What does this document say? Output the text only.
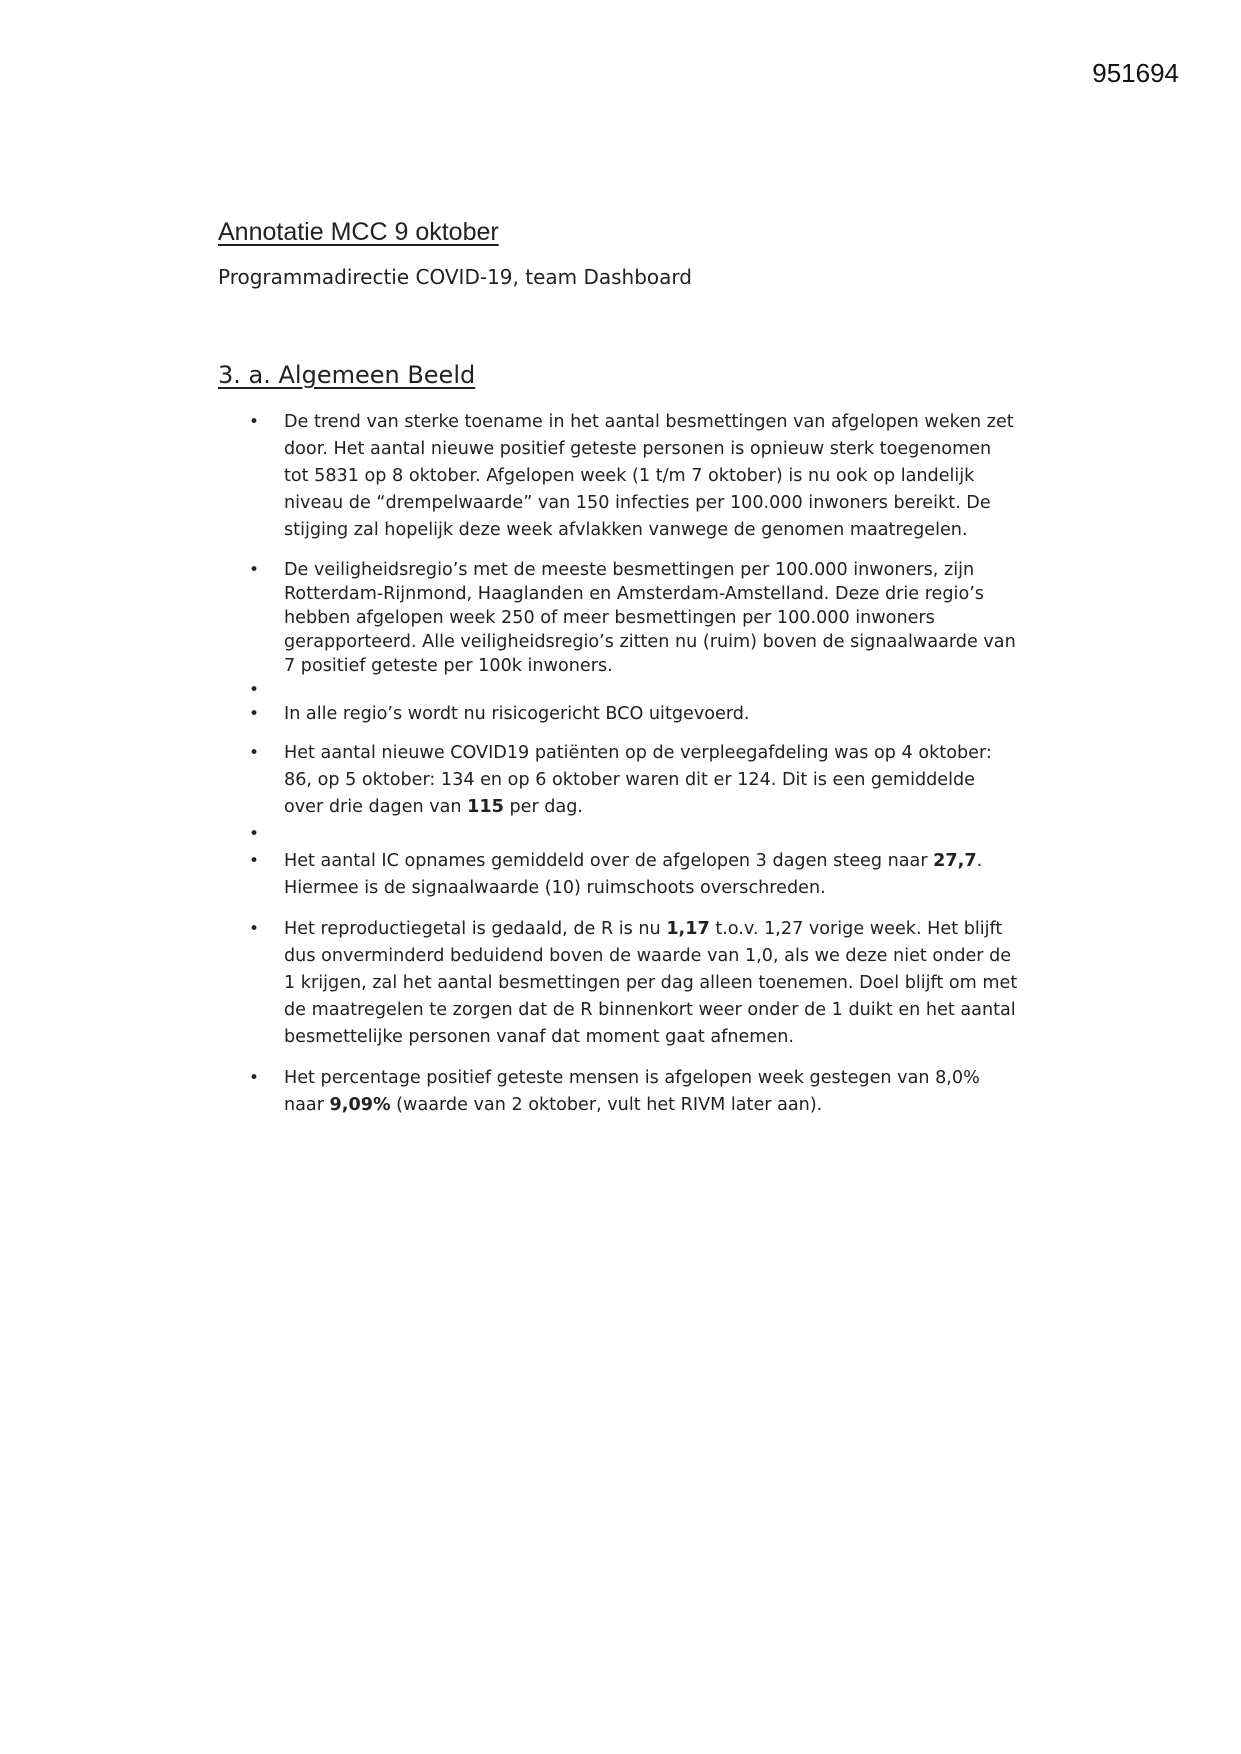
951694
Annotatie MCC 9 oktober
Programmadirectie COVID-19, team Dashboard
3. a. Algemeen Beeld
• De trend van sterke toename in het aantal besmettingen van afgelopen weken zet door. Het aantal nieuwe positief geteste personen is opnieuw sterk toegenomen tot 5831 op 8 oktober. Afgelopen week (1 t/m 7 oktober) is nu ook op landelijk niveau de “drempelwaarde” van 150 infecties per 100.000 inwoners bereikt. De stijging zal hopelijk deze week afvlakken vanwege de genomen maatregelen.
• De veiligheidsregio’s met de meeste besmettingen per 100.000 inwoners, zijn Rotterdam-Rijnmond, Haaglanden en Amsterdam-Amstelland. Deze drie regio’s hebben afgelopen week 250 of meer besmettingen per 100.000 inwoners gerapporteerd. Alle veiligheidsregio’s zitten nu (ruim) boven de signaalwaarde van 7 positief geteste per 100k inwoners.
•
• In alle regio’s wordt nu risicogericht BCO uitgevoerd.
• Het aantal nieuwe COVID19 patiënten op de verpleegafdeling was op 4 oktober: 86, op 5 oktober: 134 en op 6 oktober waren dit er 124. Dit is een gemiddelde over drie dagen van 115 per dag.
•
• Het aantal IC opnames gemiddeld over de afgelopen 3 dagen steeg naar 27,7. Hiermee is de signaalwaarde (10) ruimschoots overschreden.
• Het reproductiegetal is gedaald, de R is nu 1,17 t.o.v. 1,27 vorige week. Het blijft dus onverminderd beduidend boven de waarde van 1,0, als we deze niet onder de 1 krijgen, zal het aantal besmettingen per dag alleen toenemen. Doel blijft om met de maatregelen te zorgen dat de R binnenkort weer onder de 1 duikt en het aantal besmettelijke personen vanaf dat moment gaat afnemen.
• Het percentage positief geteste mensen is afgelopen week gestegen van 8,0% naar 9,09% (waarde van 2 oktober, vult het RIVM later aan).
